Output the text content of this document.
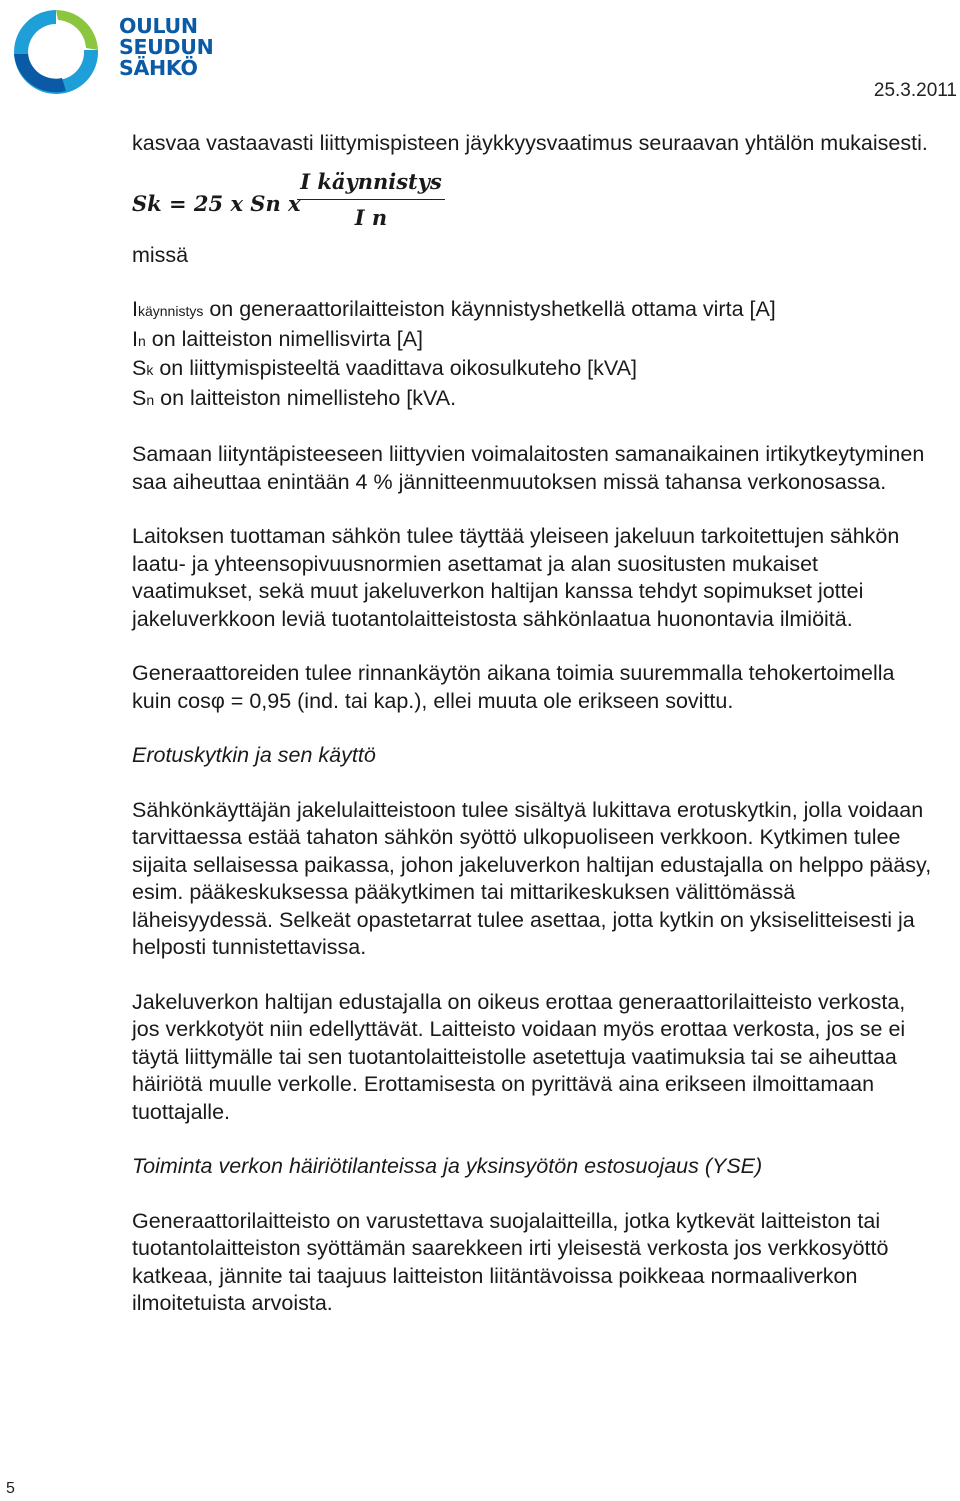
OULUN
SEUDUN
SÄHKÖ
25.3.2011

kasvaa vastaavasti liittymispisteen jäykkyysvaatimus seuraavan yhtälön mukaisesti.

Sk = 25 x Sn x
I käynnistys
I n

missä

Ikäynnistys on generaattorilaitteiston käynnistyshetkellä ottama virta [A]

In on laitteiston nimellisvirta [A]

Sk on liittymispisteeltä vaadittava oikosulkuteho [kVA]

Sn on laitteiston nimellisteho [kVA.

Samaan liityntäpisteeseen liittyvien voimalaitosten samanaikainen irtikytkeytyminen saa aiheuttaa enintään 4 % jännitteenmuutoksen missä tahansa verkonosassa.

Laitoksen tuottaman sähkön tulee täyttää yleiseen jakeluun tarkoitettujen sähkön laatu- ja yhteensopivuusnormien asettamat ja alan suositusten mukaiset vaatimukset, sekä muut jakeluverkon haltijan kanssa tehdyt sopimukset jottei jakeluverkkoon leviä tuotantolaitteistosta sähkönlaatua huonontavia ilmiöitä.

Generaattoreiden tulee rinnankäytön aikana toimia suuremmalla tehokertoimella kuin cosφ = 0,95 (ind. tai kap.), ellei muuta ole erikseen sovittu.

Erotuskytkin ja sen käyttö

Sähkönkäyttäjän jakelulaitteistoon tulee sisältyä lukittava erotuskytkin, jolla voidaan tarvittaessa estää tahaton sähkön syöttö ulkopuoliseen verkkoon. Kytkimen tulee sijaita sellaisessa paikassa, johon jakeluverkon haltijan edustajalla on helppo pääsy, esim. pääkeskuksessa pääkytkimen tai mittarikeskuksen välittömässä läheisyydessä. Selkeät opastetarrat tulee asettaa, jotta kytkin on yksiselitteisesti ja helposti tunnistettavissa.

Jakeluverkon haltijan edustajalla on oikeus erottaa generaattorilaitteisto verkosta, jos verkkotyöt niin edellyttävät. Laitteisto voidaan myös erottaa verkosta, jos se ei täytä liittymälle tai sen tuotantolaitteistolle asetettuja vaatimuksia tai se aiheuttaa häiriötä muulle verkolle. Erottamisesta on pyrittävä aina erikseen ilmoittamaan tuottajalle.

Toiminta verkon häiriötilanteissa ja yksinsyötön estosuojaus (YSE)

Generaattorilaitteisto on varustettava suojalaitteilla, jotka kytkevät laitteiston tai tuotantolaitteiston syöttämän saarekkeen irti yleisestä verkosta jos verkkosyöttö katkeaa, jännite tai taajuus laitteiston liitäntävoissa poikkeaa normaaliverkon ilmoitetuista arvoista.

5
